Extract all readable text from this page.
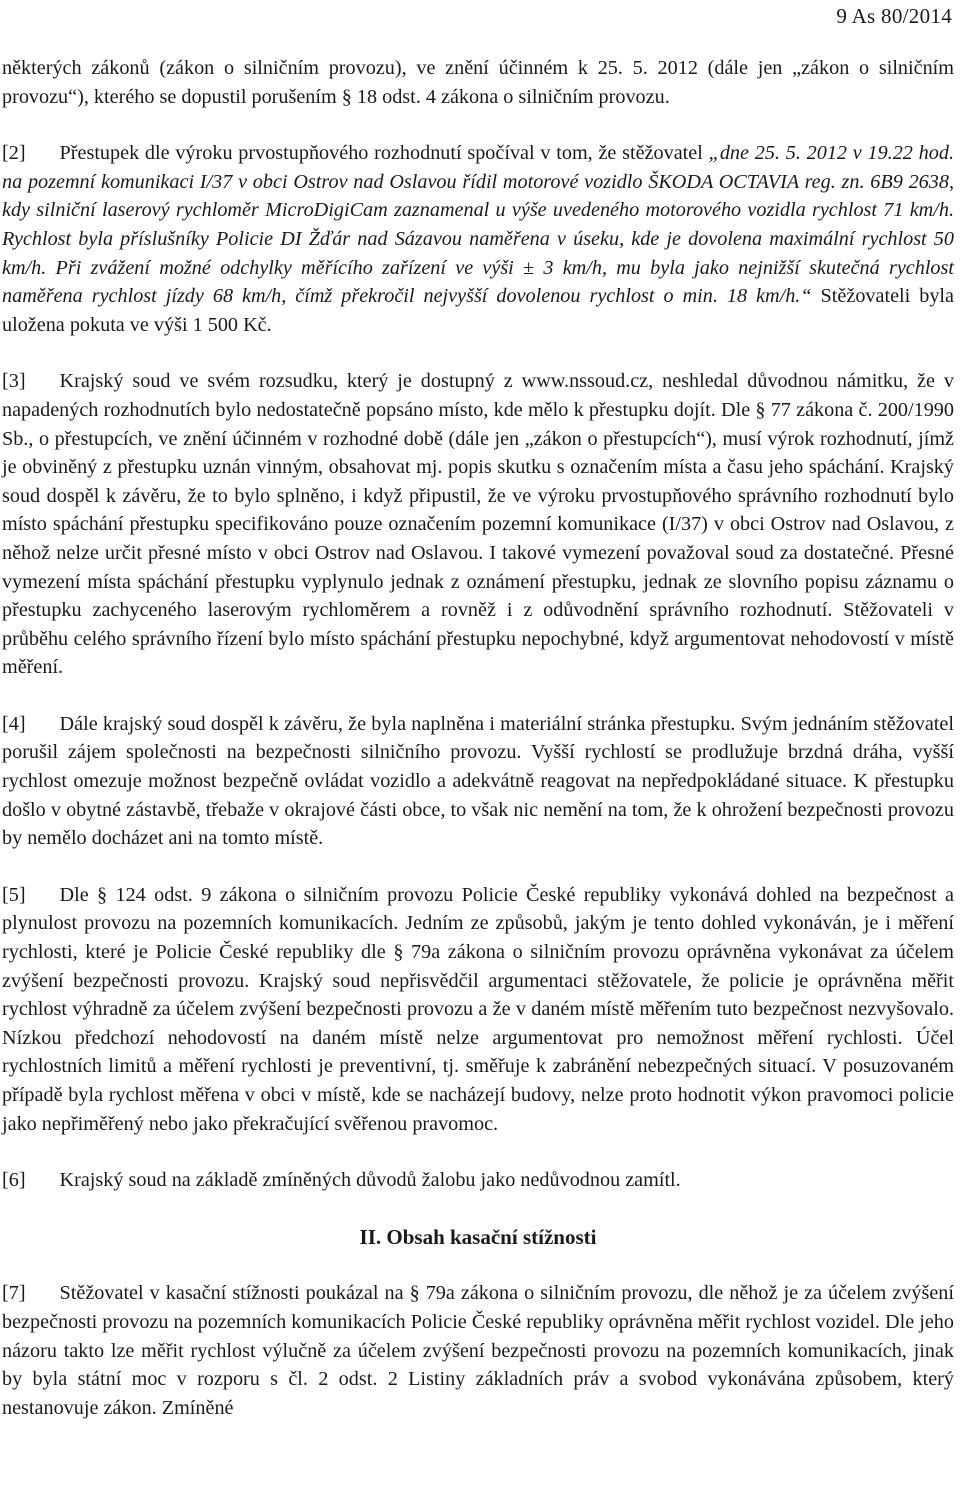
9 As 80/2014
některých zákonů (zákon o silničním provozu), ve znění účinném k 25. 5. 2012 (dále jen „zákon o silničním provozu“), kterého se dopustil porušením § 18 odst. 4 zákona o silničním provozu.
[2] Přestupek dle výroku prvostupňového rozhodnutí spočíval v tom, že stěžovatel „dne 25. 5. 2012 v 19.22 hod. na pozemní komunikaci I/37 v obci Ostrov nad Oslavou řídil motorové vozidlo ŠKODA OCTAVIA reg. zn. 6B9 2638, kdy silniční laserový rychloměr MicroDigiCam zaznamenal u výše uvedeného motorového vozidla rychlost 71 km/h. Rychlost byla příslušníky Policie DI Žďár nad Sázavou naměřena v úseku, kde je dovolena maximální rychlost 50 km/h. Při zvážení možné odchylky měřícího zařízení ve výši ± 3 km/h, mu byla jako nejnižší skutečná rychlost naměřena rychlost jízdy 68 km/h, čímž překročil nejvyšší dovolenou rychlost o min. 18 km/h.“ Stěžovateli byla uložena pokuta ve výši 1 500 Kč.
[3] Krajský soud ve svém rozsudku, který je dostupný z www.nssoud.cz, neshledal důvodnou námitku, že v napadených rozhodnutích bylo nedostatečně popsáno místo, kde mělo k přestupku dojít. Dle § 77 zákona č. 200/1990 Sb., o přestupcích, ve znění účinném v rozhodné době (dále jen „zákon o přestupcích“), musí výrok rozhodnutí, jímž je obviněný z přestupku uznán vinným, obsahovat mj. popis skutku s označením místa a času jeho spáchání. Krajský soud dospěl k závěru, že to bylo splněno, i když připustil, že ve výroku prvostupňového správního rozhodnutí bylo místo spáchání přestupku specifikováno pouze označením pozemní komunikace (I/37) v obci Ostrov nad Oslavou, z něhož nelze určit přesné místo v obci Ostrov nad Oslavou. I takové vymezení považoval soud za dostatečné. Přesné vymezení místa spáchání přestupku vyplynulo jednak z oznámení přestupku, jednak ze slovního popisu záznamu o přestupku zachyceného laserovým rychloměrem a rovněž i z odůvodnění správního rozhodnutí. Stěžovateli v průběhu celého správního řízení bylo místo spáchání přestupku nepochybné, když argumentovat nehodovostí v místě měření.
[4] Dále krajský soud dospěl k závěru, že byla naplněna i materiální stránka přestupku. Svým jednáním stěžovatel porušil zájem společnosti na bezpečnosti silničního provozu. Vyšší rychlostí se prodlužuje brzdná dráha, vyšší rychlost omezuje možnost bezpečně ovládat vozidlo a adekvátně reagovat na nepředpokládané situace. K přestupku došlo v obytné zástavbě, třebaže v okrajové části obce, to však nic nemění na tom, že k ohrožení bezpečnosti provozu by nemělo docházet ani na tomto místě.
[5] Dle § 124 odst. 9 zákona o silničním provozu Policie České republiky vykonává dohled na bezpečnost a plynulost provozu na pozemních komunikacích. Jedním ze způsobů, jakým je tento dohled vykonáván, je i měření rychlosti, které je Policie České republiky dle § 79a zákona o silničním provozu oprávněna vykonávat za účelem zvýšení bezpečnosti provozu. Krajský soud nepřisvědčil argumentaci stěžovatele, že policie je oprávněna měřit rychlost výhradně za účelem zvýšení bezpečnosti provozu a že v daném místě měřením tuto bezpečnost nezvyšovalo. Nízkou předchozí nehodovostí na daném místě nelze argumentovat pro nemožnost měření rychlosti. Účel rychlostních limitů a měření rychlosti je preventivní, tj. směřuje k zabránění nebezpečných situací. V posuzovaném případě byla rychlost měřena v obci v místě, kde se nacházejí budovy, nelze proto hodnotit výkon pravomoci policie jako nepřiměřený nebo jako překračující svěřenou pravomoc.
[6] Krajský soud na základě zmíněných důvodů žalobu jako nedůvodnou zamítl.
II. Obsah kasační stížnosti
[7] Stěžovatel v kasační stížnosti poukázal na § 79a zákona o silničním provozu, dle něhož je za účelem zvýšení bezpečnosti provozu na pozemních komunikacích Policie České republiky oprávněna měřit rychlost vozidel. Dle jeho názoru takto lze měřit rychlost výlučně za účelem zvýšení bezpečnosti provozu na pozemních komunikacích, jinak by byla státní moc v rozporu s čl. 2 odst. 2 Listiny základních práv a svobod vykonávána způsobem, který nestanovuje zákon. Zmíněné
